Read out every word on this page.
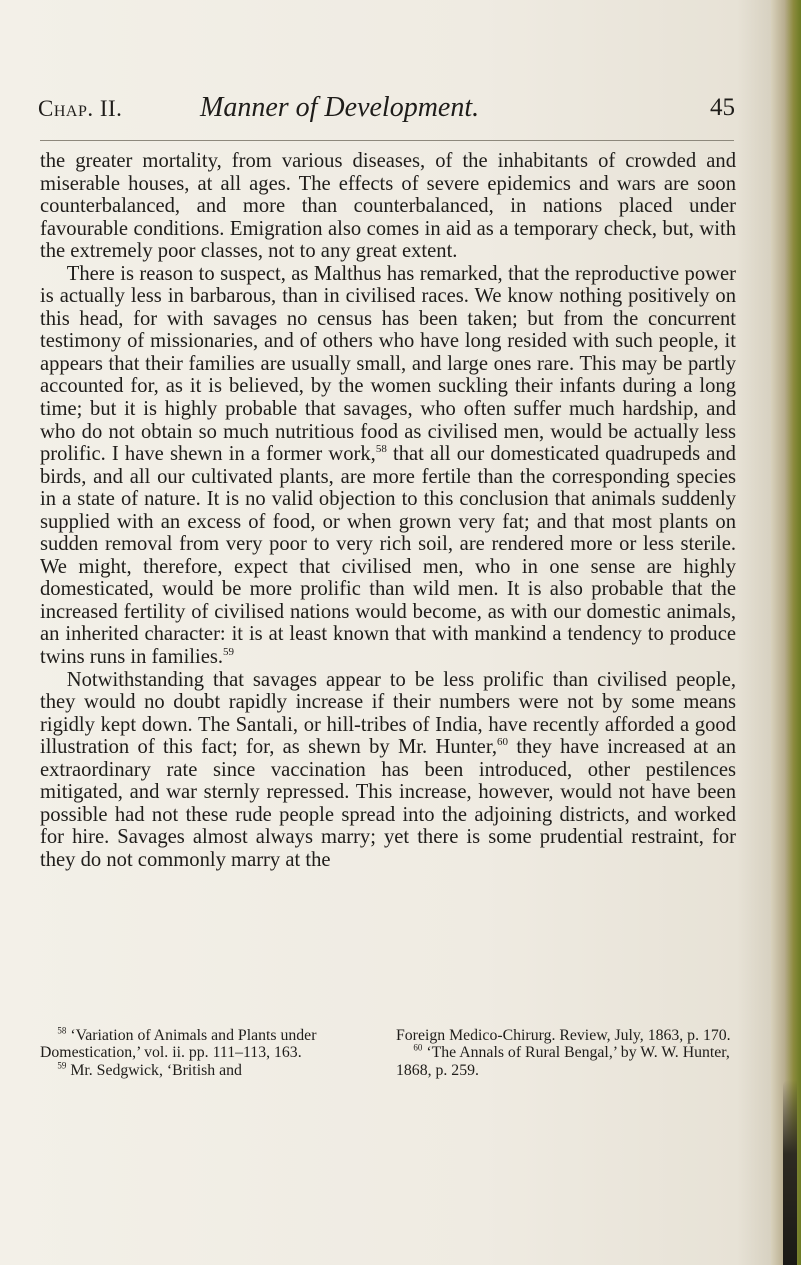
Chap. II.	Manner of Development.	45

the greater mortality, from various diseases, of the inhabitants of crowded and miserable houses, at all ages. The effects of severe epidemics and wars are soon counterbalanced, and more than counterbalanced, in nations placed under favourable conditions. Emigration also comes in aid as a temporary check, but, with the extremely poor classes, not to any great extent.

There is reason to suspect, as Malthus has remarked, that the reproductive power is actually less in barbarous, than in civilised races. We know nothing positively on this head, for with savages no census has been taken; but from the concurrent testimony of missionaries, and of others who have long resided with such people, it appears that their families are usually small, and large ones rare. This may be partly accounted for, as it is believed, by the women suckling their infants during a long time; but it is highly probable that savages, who often suffer much hardship, and who do not obtain so much nutritious food as civilised men, would be actually less prolific. I have shewn in a former work,$^{58}$ that all our domesticated quadrupeds and birds, and all our cultivated plants, are more fertile than the corresponding species in a state of nature. It is no valid objection to this conclusion that animals suddenly supplied with an excess of food, or when grown very fat; and that most plants on sudden removal from very poor to very rich soil, are rendered more or less sterile. We might, therefore, expect that civilised men, who in one sense are highly domesticated, would be more prolific than wild men. It is also probable that the increased fertility of civilised nations would become, as with our domestic animals, an inherited character: it is at least known that with mankind a tendency to produce twins runs in families.$^{59}$

Notwithstanding that savages appear to be less prolific than civilised people, they would no doubt rapidly increase if their numbers were not by some means rigidly kept down. The Santali, or hill-tribes of India, have recently afforded a good illustration of this fact; for, as shewn by Mr. Hunter,$^{60}$ they have increased at an extraordinary rate since vaccination has been introduced, other pestilences mitigated, and war sternly repressed. This increase, however, would not have been possible had not these rude people spread into the adjoining districts, and worked for hire. Savages almost always marry; yet there is some prudential restraint, for they do not commonly marry at the

$^{58}$ ‘Variation of Animals and Plants under Domestication,’ vol. ii. pp. 111–113, 163.

$^{59}$ Mr. Sedgwick, ‘British and

Foreign Medico-Chirurg. Review, July, 1863, p. 170.

$^{60}$ ‘The Annals of Rural Bengal,’ by W. W. Hunter, 1868, p. 259.
